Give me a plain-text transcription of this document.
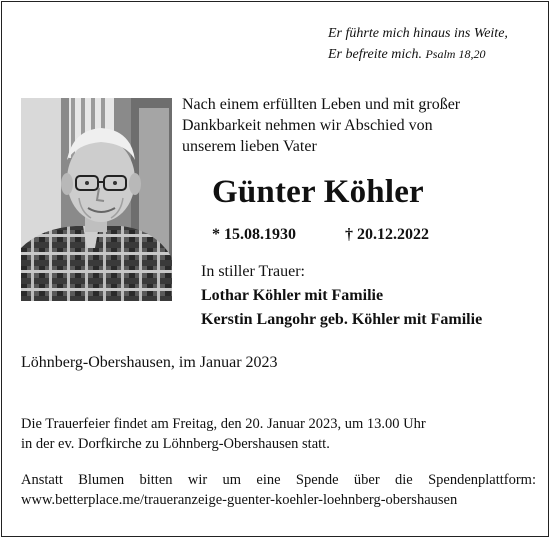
Er führte mich hinaus ins Weite,
Er befreite mich. Psalm 18,20
Nach einem erfüllten Leben und mit großer
Dankbarkeit nehmen wir Abschied von
unserem lieben Vater
Günter Köhler
* 15.08.1930	† 20.12.2022
In stiller Trauer:
Lothar Köhler mit Familie
Kerstin Langohr geb. Köhler mit Familie
Löhnberg-Obershausen, im Januar 2023
Die Trauerfeier findet am Freitag, den 20. Januar 2023, um 13.00 Uhr
in der ev. Dorfkirche zu Löhnberg-Obershausen statt.
Anstatt Blumen bitten wir um eine Spende über die Spendenplattform:
www.betterplace.me/traueranzeige-guenter-koehler-loehnberg-obershausen
